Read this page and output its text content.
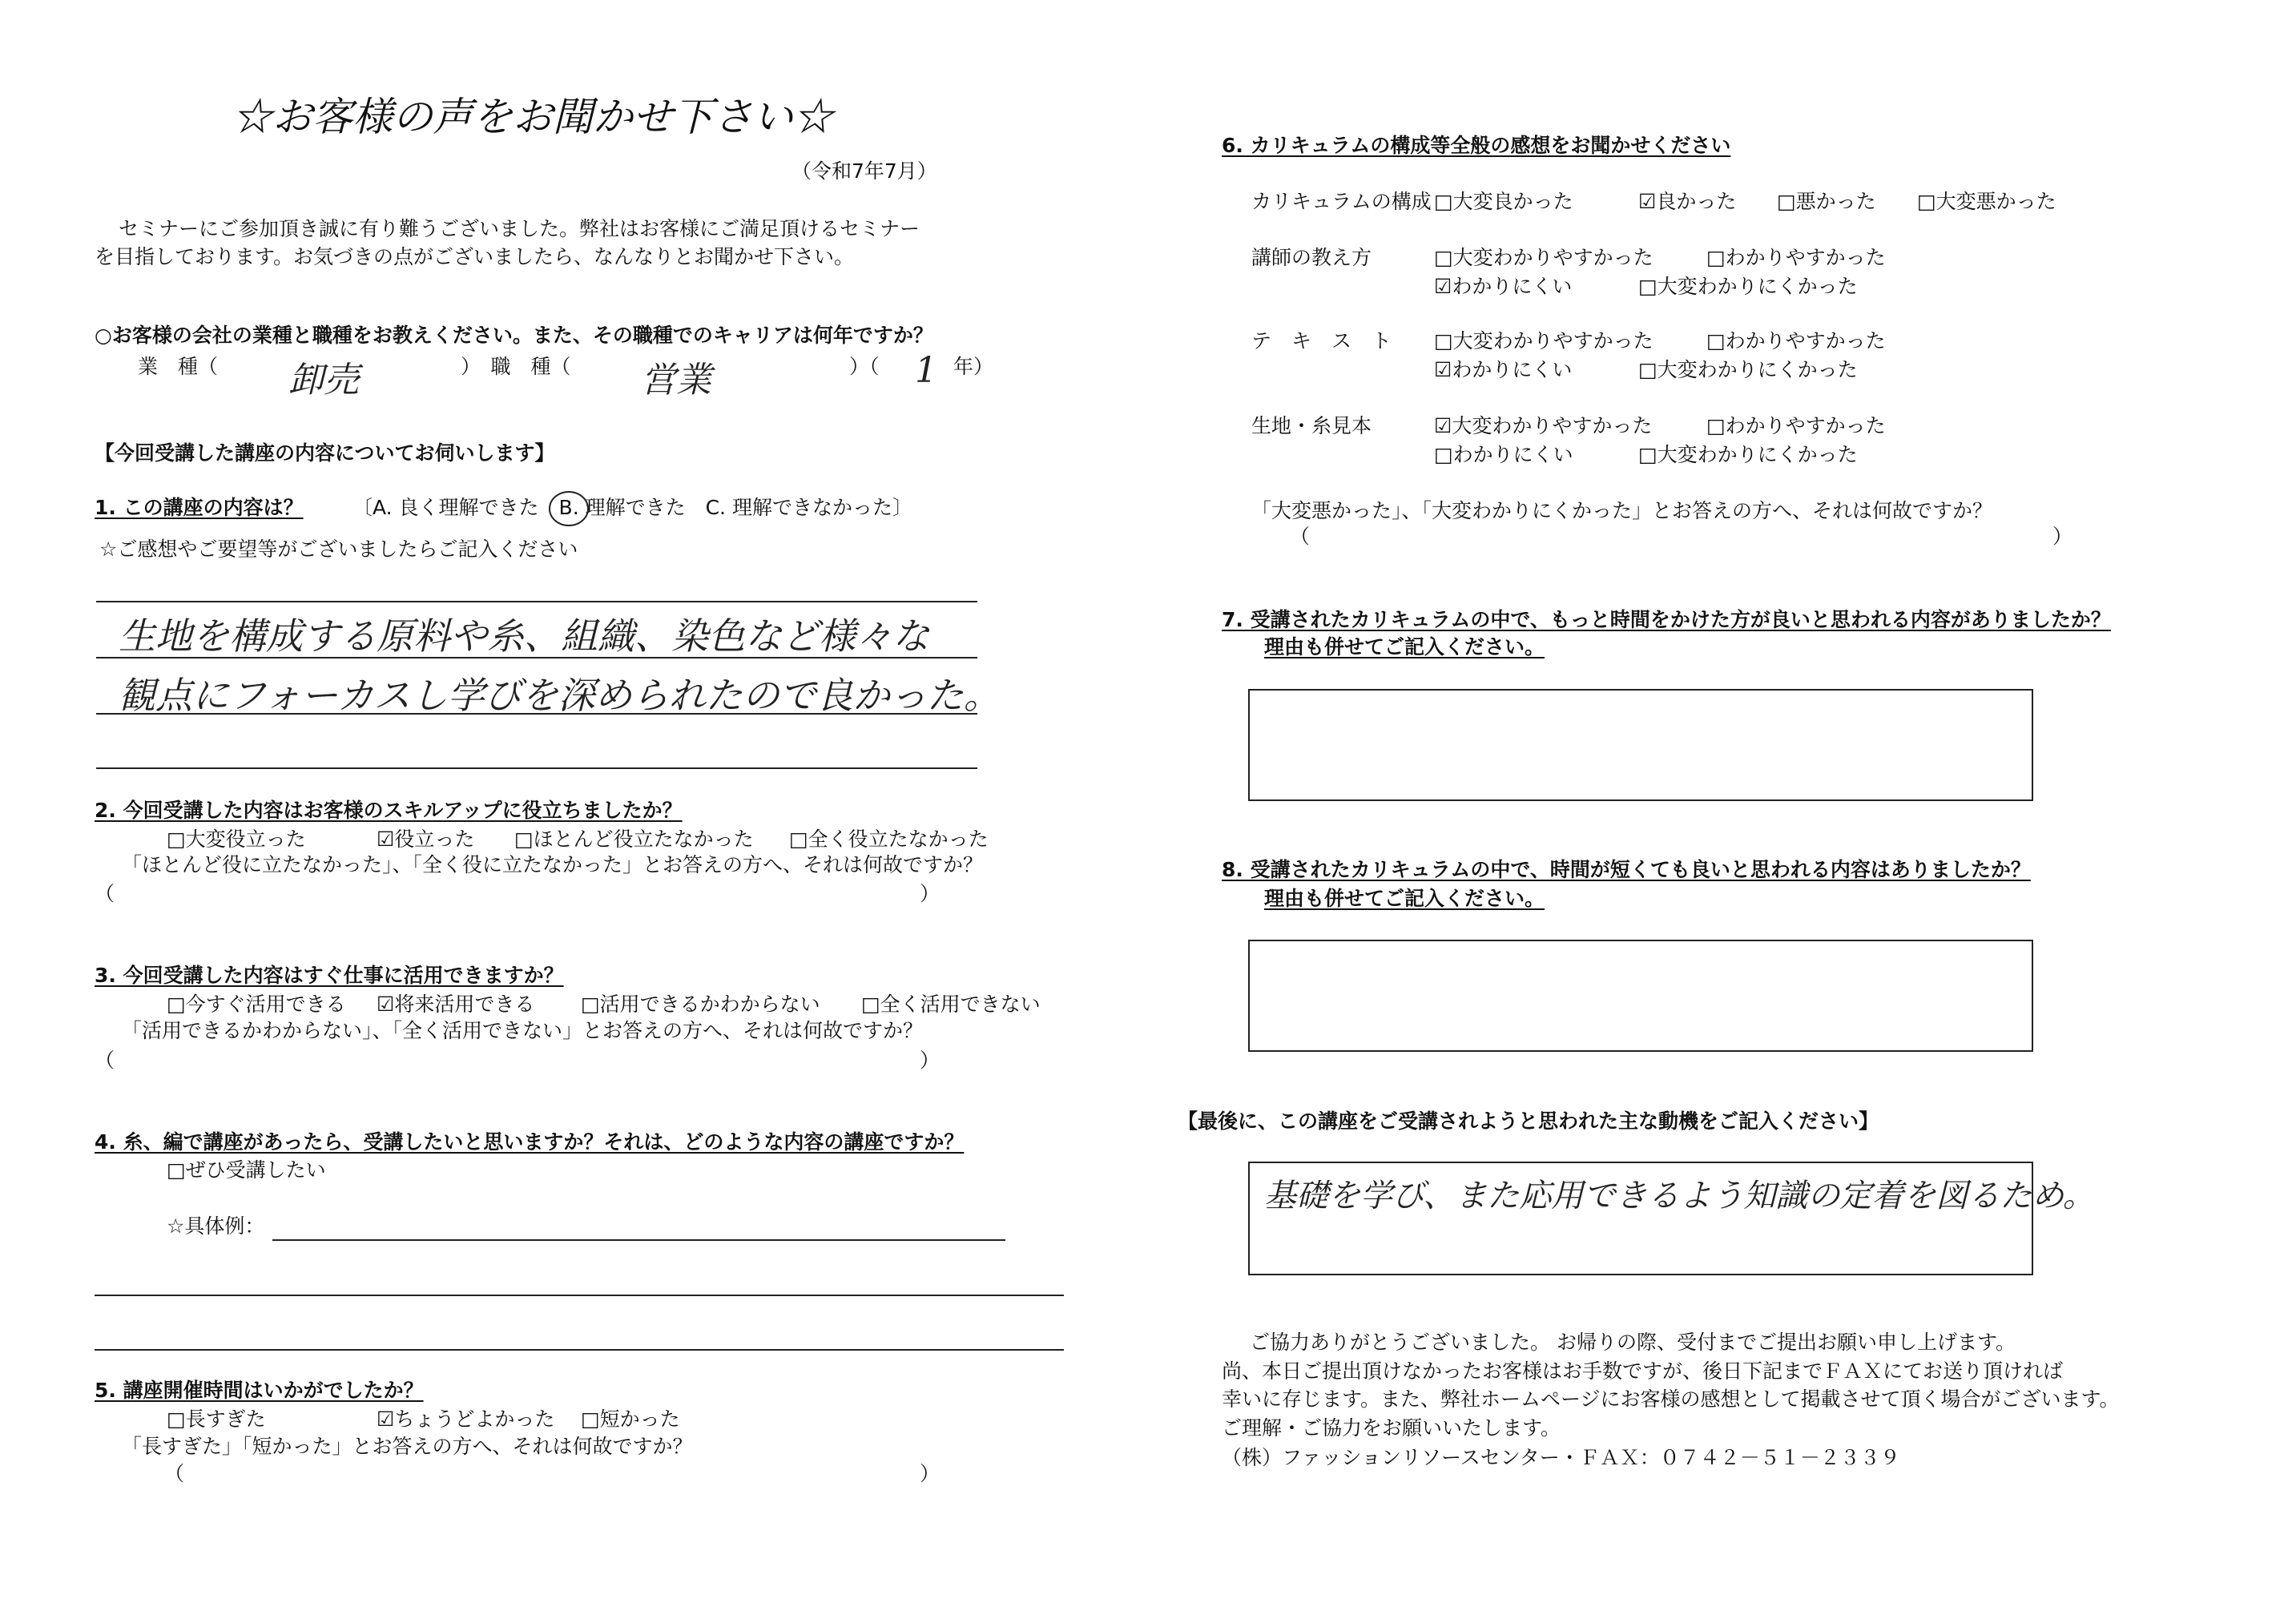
☆お客様の声をお聞かせ下さい☆
（令和7年7月）
セミナーにご参加頂き誠に有り難うございました。弊社はお客様にご満足頂けるセミナー
を目指しております。お気づきの点がございましたら、なんなりとお聞かせ下さい。
○お客様の会社の業種と職種をお教えください。また、その職種でのキャリアは何年ですか？
業　種（ 卸売	）　職　種（ 営業	）（ 1 年）
【今回受講した講座の内容についてお伺いします】
1. この講座の内容は？ 〔A. 良く理解できた　B. 理解できた　C. 理解できなかった〕
☆ご感想やご要望等がございましたらご記入ください
生地を構成する原料や糸、組織、染色など様々な
観点にフォーカスし学びを深められたので良かった。
2. 今回受講した内容はお客様のスキルアップに役立ちましたか？
□大変役立った	☑役立った □ほとんど役立たなかった □全く役立たなかった
「ほとんど役に立たなかった」、「全く役に立たなかった」とお答えの方へ、それは何故ですか？
（	）
3. 今回受講した内容はすぐ仕事に活用できますか？
□今すぐ活用できる ☑将来活用できる □活用できるかわからない □全く活用できない
「活用できるかわからない」、「全く活用できない」とお答えの方へ、それは何故ですか？
（	）
4. 糸、編で講座があったら、受講したいと思いますか？それは、どのような内容の講座ですか？
□ぜひ受講したい
☆具体例：
5. 講座開催時間はいかがでしたか？
□長すぎた	☑ちょうどよかった □短かった
「長すぎた」「短かった」とお答えの方へ、それは何故ですか？
（	）
6. カリキュラムの構成等全般の感想をお聞かせください
カリキュラムの構成 □大変良かった	☑良かった □悪かった □大変悪かった
講師の教え方	□大変わかりやすかった	□わかりやすかった
☑わかりにくい	□大変わかりにくかった
テ　キ　ス　ト □大変わかりやすかった	□わかりやすかった
☑わかりにくい	□大変わかりにくかった
生地・糸見本	☑大変わかりやすかった	□わかりやすかった
□わかりにくい	□大変わかりにくかった
「大変悪かった」、「大変わかりにくかった」とお答えの方へ、それは何故ですか？
（	）
7. 受講されたカリキュラムの中で、もっと時間をかけた方が良いと思われる内容がありましたか？
理由も併せてご記入ください。
8. 受講されたカリキュラムの中で、時間が短くても良いと思われる内容はありましたか？
理由も併せてご記入ください。
【最後に、この講座をご受講されようと思われた主な動機をご記入ください】
基礎を学び、また応用できるよう知識の定着を図るため。
ご協力ありがとうございました。 お帰りの際、受付までご提出お願い申し上げます。
尚、本日ご提出頂けなかったお客様はお手数ですが、後日下記までＦＡＸにてお送り頂ければ
幸いに存じます。また、弊社ホームページにお客様の感想として掲載させて頂く場合がございます。
ご理解・ご協力をお願いいたします。
（株）ファッションリソースセンター・ＦＡＸ：０７４２－５１－２３３９
